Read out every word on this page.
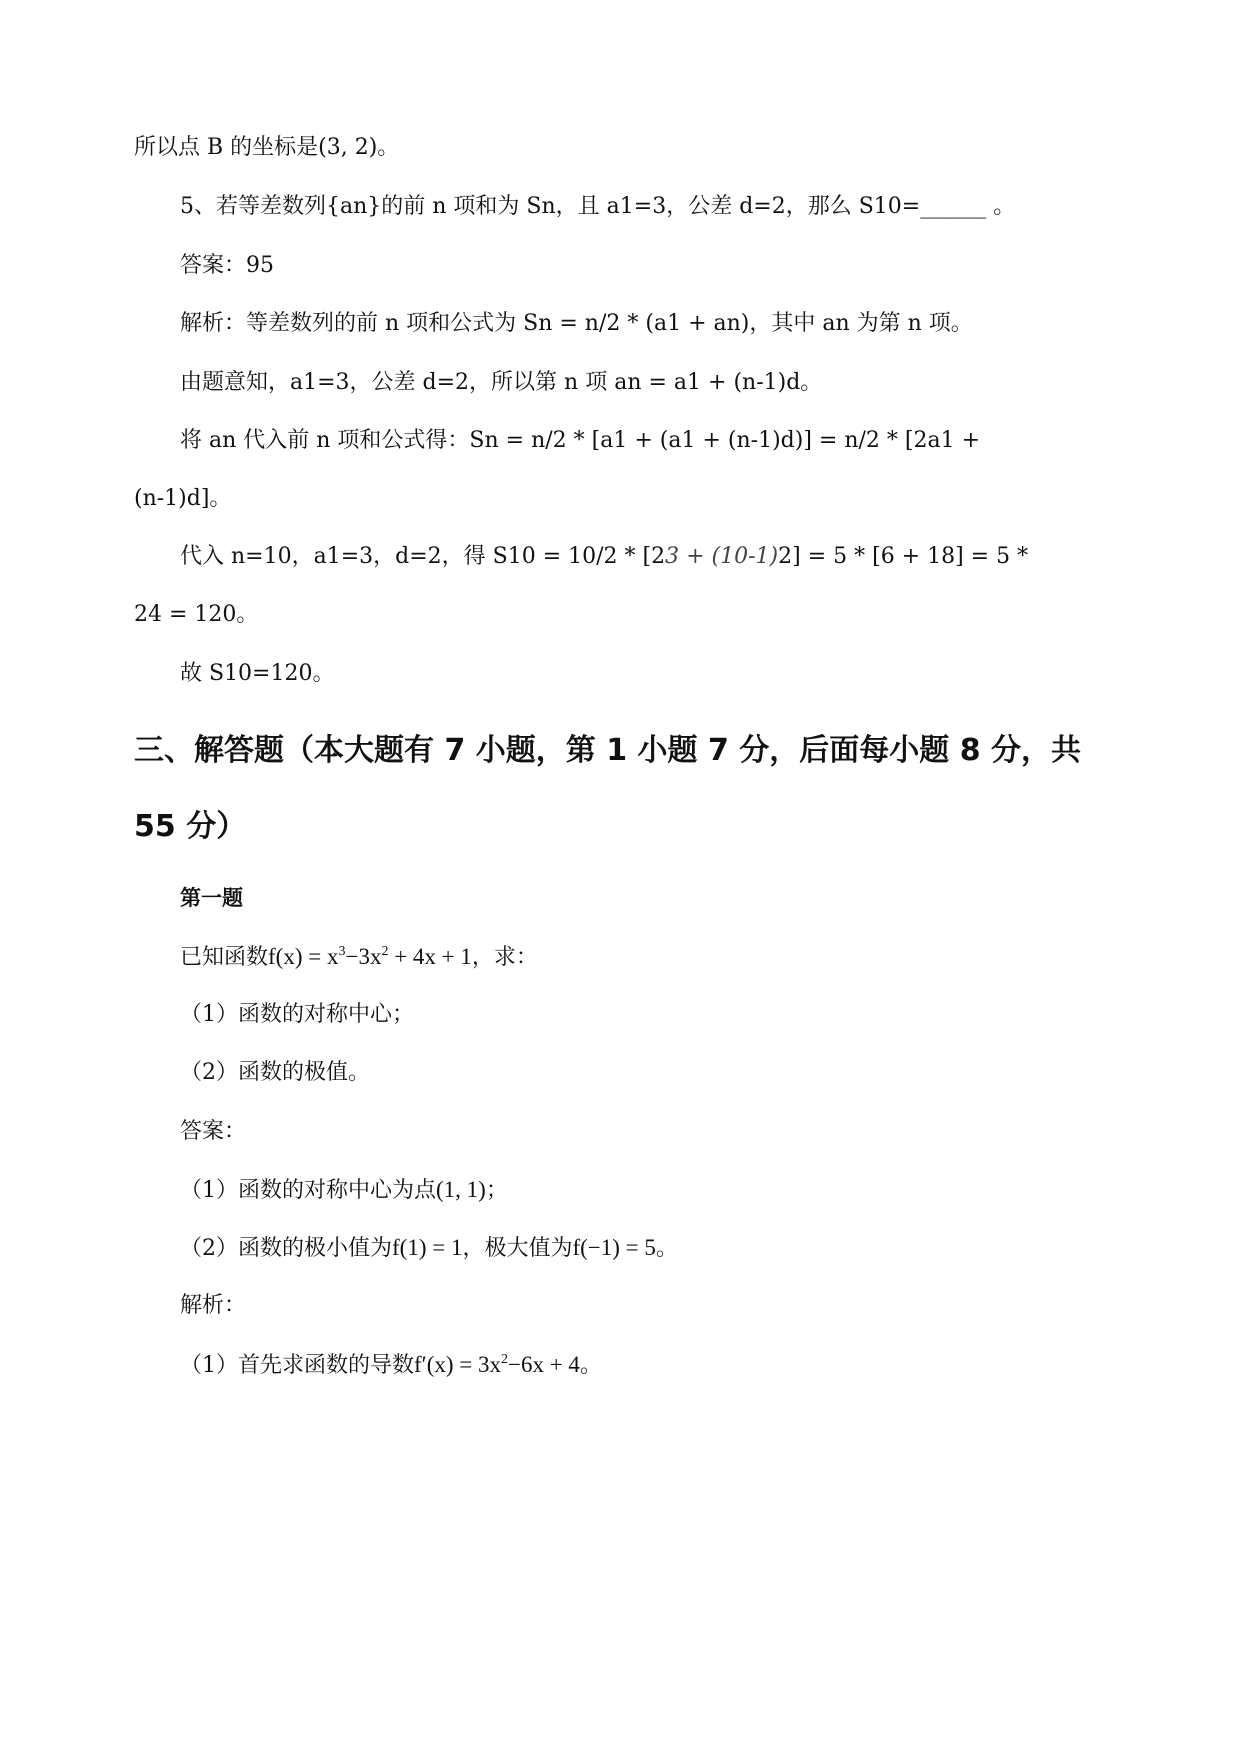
所以点 B 的坐标是(3, 2)。
5、若等差数列{an}的前 n 项和为 Sn，且 a1=3，公差 d=2，那么 S10=______ 。
答案：95
解析：等差数列的前 n 项和公式为 Sn = n/2 * (a1 + an)，其中 an 为第 n 项。
由题意知，a1=3，公差 d=2，所以第 n 项 an = a1 + (n-1)d。
将 an 代入前 n 项和公式得：Sn = n/2 * [a1 + (a1 + (n-1)d)] = n/2 * [2a1 +
(n-1)d]。
代入 n=10，a1=3，d=2，得 S10 = 10/2 * [23 + (10-1)2] = 5 * [6 + 18] = 5 *
24 = 120。
故 S10=120。
三、解答题（本大题有 7 小题，第 1 小题 7 分，后面每小题 8 分，共
55 分）
第一题
已知函数$f(x) = x^3-3x^2 + 4x + 1$，求：
（1）函数的对称中心；
（2）函数的极值。
答案：
（1）函数的对称中心为点(1, 1)；
（2）函数的极小值为f(1) = 1，极大值为f(−1) = 5。
解析：
（1）首先求函数的导数$f'(x) = 3x^2-6x + 4$。
